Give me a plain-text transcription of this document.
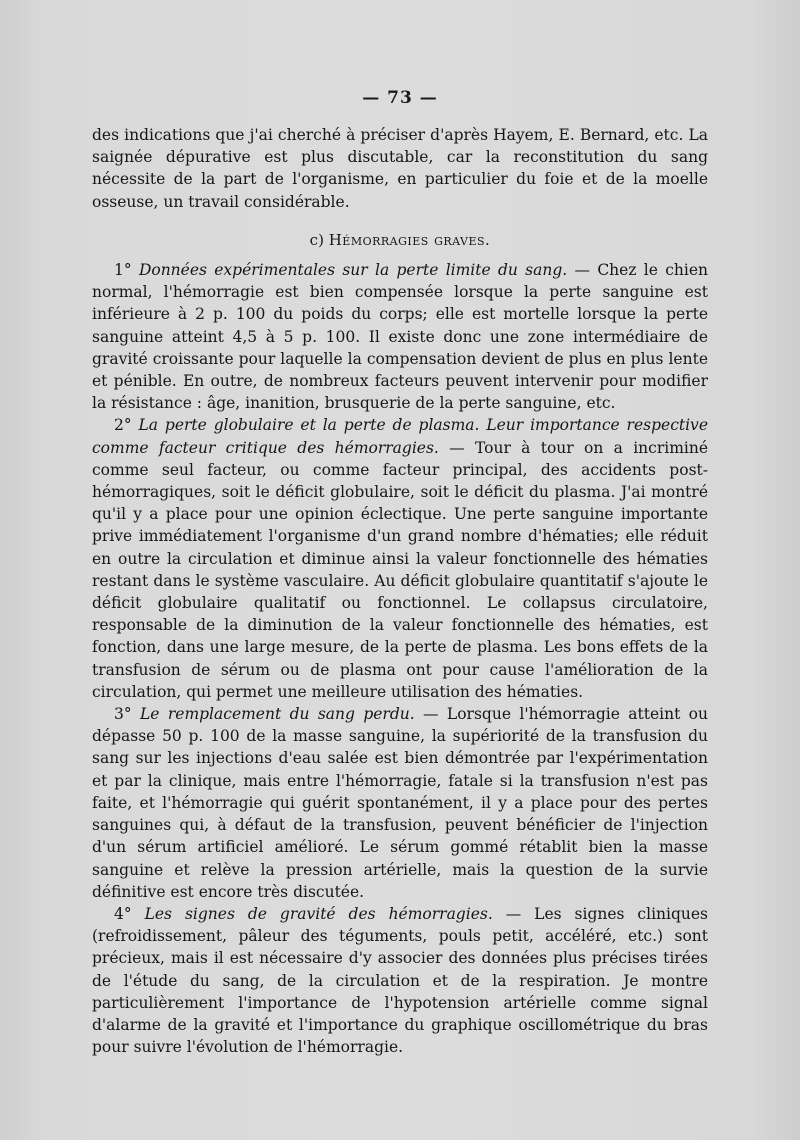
— 73 —

des indications que j'ai cherché à préciser d'après Hayem, E. Bernard, etc. La saignée dépurative est plus discutable, car la reconstitution du sang nécessite de la part de l'organisme, en particulier du foie et de la moelle osseuse, un travail considérable.

c) Hémorragies graves.

1° Données expérimentales sur la perte limite du sang. — Chez le chien normal, l'hémorragie est bien compensée lorsque la perte sanguine est inférieure à 2 p. 100 du poids du corps; elle est mortelle lorsque la perte sanguine atteint 4,5 à 5 p. 100. Il existe donc une zone intermédiaire de gravité croissante pour laquelle la compensation devient de plus en plus lente et pénible. En outre, de nombreux facteurs peuvent intervenir pour modifier la résistance : âge, inanition, brusquerie de la perte sanguine, etc.

2° La perte globulaire et la perte de plasma. Leur importance respective comme facteur critique des hémorragies. — Tour à tour on a incriminé comme seul facteur, ou comme facteur principal, des accidents post-hémorragiques, soit le déficit globulaire, soit le déficit du plasma. J'ai montré qu'il y a place pour une opinion éclectique. Une perte sanguine importante prive immédiatement l'organisme d'un grand nombre d'hématies; elle réduit en outre la circulation et diminue ainsi la valeur fonctionnelle des hématies restant dans le système vasculaire. Au déficit globulaire quantitatif s'ajoute le déficit globulaire qualitatif ou fonctionnel. Le collapsus circulatoire, responsable de la diminution de la valeur fonctionnelle des hématies, est fonction, dans une large mesure, de la perte de plasma. Les bons effets de la transfusion de sérum ou de plasma ont pour cause l'amélioration de la circulation, qui permet une meilleure utilisation des hématies.

3° Le remplacement du sang perdu. — Lorsque l'hémorragie atteint ou dépasse 50 p. 100 de la masse sanguine, la supériorité de la transfusion du sang sur les injections d'eau salée est bien démontrée par l'expérimentation et par la clinique, mais entre l'hémorragie, fatale si la transfusion n'est pas faite, et l'hémorragie qui guérit spontanément, il y a place pour des pertes sanguines qui, à défaut de la transfusion, peuvent bénéficier de l'injection d'un sérum artificiel amélioré. Le sérum gommé rétablit bien la masse sanguine et relève la pression artérielle, mais la question de la survie définitive est encore très discutée.

4° Les signes de gravité des hémorragies. — Les signes cliniques (refroidissement, pâleur des téguments, pouls petit, accéléré, etc.) sont précieux, mais il est nécessaire d'y associer des données plus précises tirées de l'étude du sang, de la circulation et de la respiration. Je montre particulièrement l'importance de l'hypotension artérielle comme signal d'alarme de la gravité et l'importance du graphique oscillométrique du bras pour suivre l'évolution de l'hémorragie.
